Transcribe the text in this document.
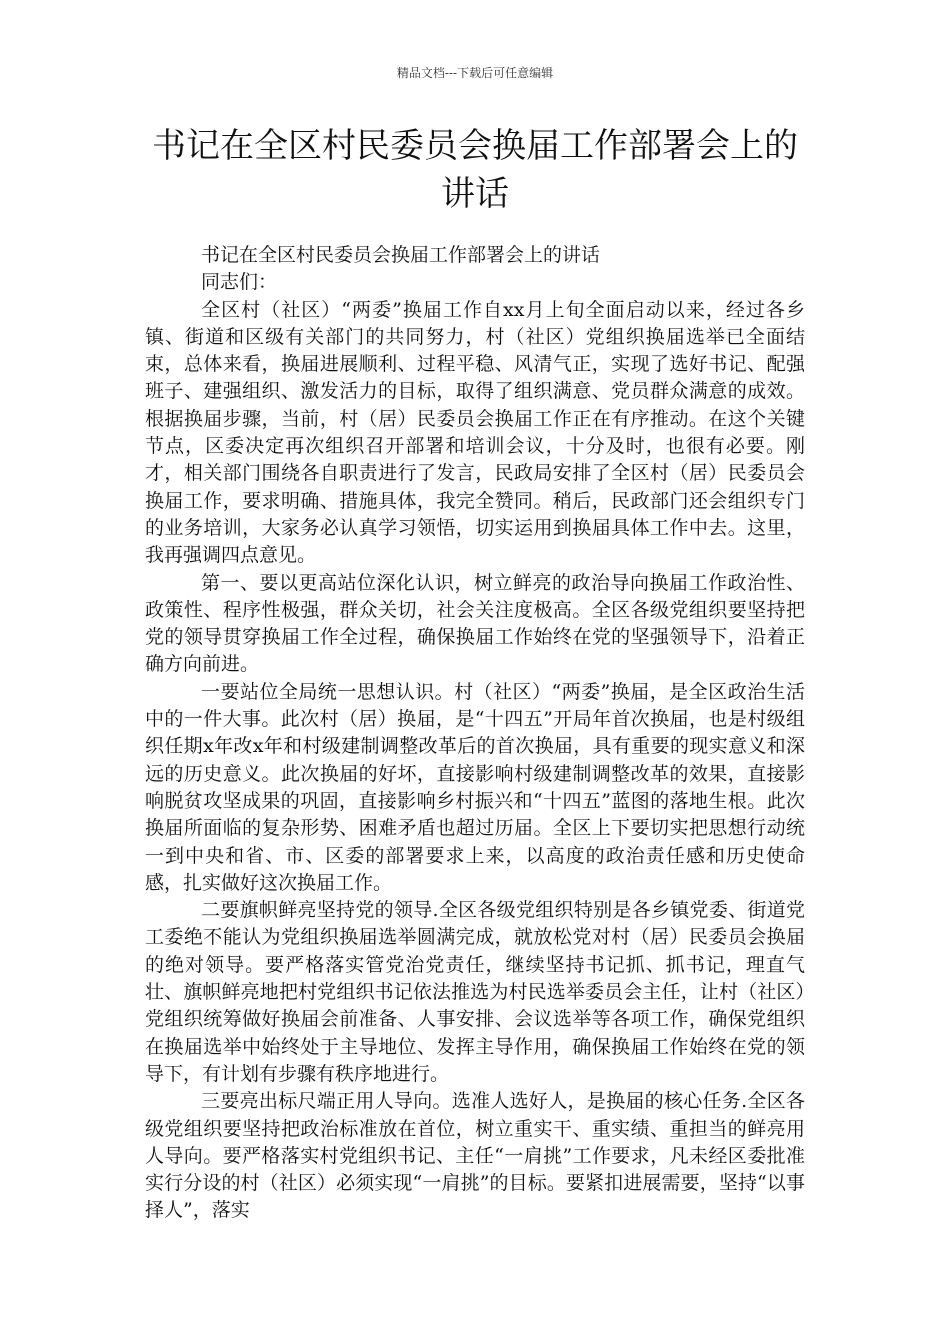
精品文档---下载后可任意编辑
书记在全区村民委员会换届工作部署会上的讲话

书记在全区村民委员会换届工作部署会上的讲话

同志们：

全区村（社区）“两委”换届工作自xx月上旬全面启动以来，经过各乡镇、街道和区级有关部门的共同努力，村（社区）党组织换届选举已全面结束，总体来看，换届进展顺利、过程平稳、风清气正，实现了选好书记、配强班子、建强组织、激发活力的目标，取得了组织满意、党员群众满意的成效。根据换届步骤，当前，村（居）民委员会换届工作正在有序推动。在这个关键节点，区委决定再次组织召开部署和培训会议，十分及时，也很有必要。刚才，相关部门围绕各自职责进行了发言，民政局安排了全区村（居）民委员会换届工作，要求明确、措施具体，我完全赞同。稍后，民政部门还会组织专门的业务培训，大家务必认真学习领悟，切实运用到换届具体工作中去。这里，我再强调四点意见。

第一、要以更高站位深化认识，树立鲜亮的政治导向换届工作政治性、政策性、程序性极强，群众关切，社会关注度极高。全区各级党组织要坚持把党的领导贯穿换届工作全过程，确保换届工作始终在党的坚强领导下，沿着正确方向前进。

一要站位全局统一思想认识。村（社区）“两委”换届，是全区政治生活中的一件大事。此次村（居）换届，是“十四五”开局年首次换届，也是村级组织任期x年改x年和村级建制调整改革后的首次换届，具有重要的现实意义和深远的历史意义。此次换届的好坏，直接影响村级建制调整改革的效果，直接影响脱贫攻坚成果的巩固，直接影响乡村振兴和“十四五”蓝图的落地生根。此次换届所面临的复杂形势、困难矛盾也超过历届。全区上下要切实把思想行动统一到中央和省、市、区委的部署要求上来，以高度的政治责任感和历史使命感，扎实做好这次换届工作。

二要旗帜鲜亮坚持党的领导.全区各级党组织特别是各乡镇党委、街道党工委绝不能认为党组织换届选举圆满完成，就放松党对村（居）民委员会换届的绝对领导。要严格落实管党治党责任，继续坚持书记抓、抓书记，理直气壮、旗帜鲜亮地把村党组织书记依法推选为村民选举委员会主任，让村（社区）党组织统筹做好换届会前准备、人事安排、会议选举等各项工作，确保党组织在换届选举中始终处于主导地位、发挥主导作用，确保换届工作始终在党的领导下，有计划有步骤有秩序地进行。

三要亮出标尺端正用人导向。选准人选好人，是换届的核心任务.全区各级党组织要坚持把政治标准放在首位，树立重实干、重实绩、重担当的鲜亮用人导向。要严格落实村党组织书记、主任“一肩挑”工作要求，凡未经区委批准实行分设的村（社区）必须实现“一肩挑”的目标。要紧扣进展需要，坚持“以事择人”，落实
